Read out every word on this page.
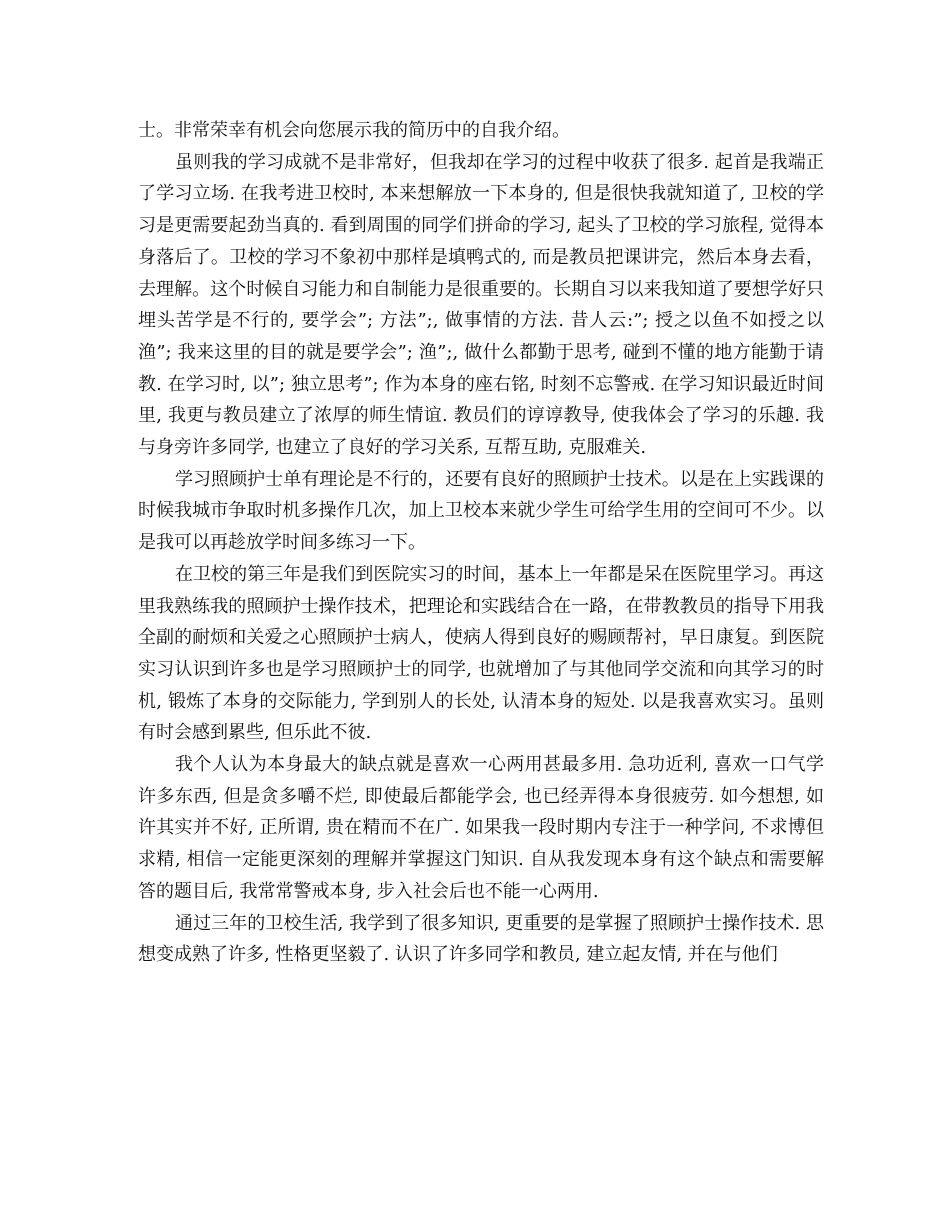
士。非常荣幸有机会向您展示我的简历中的自我介绍。

虽则我的学习成就不是非常好，但我却在学习的过程中收获了很多. 起首是我端正了学习立场. 在我考进卫校时, 本来想解放一下本身的, 但是很快我就知道了, 卫校的学习是更需要起劲当真的. 看到周围的同学们拼命的学习, 起头了卫校的学习旅程, 觉得本身落后了。卫校的学习不象初中那样是填鸭式的, 而是教员把课讲完，然后本身去看，去理解。这个时候自习能力和自制能力是很重要的。长期自习以来我知道了要想学好只埋头苦学是不行的, 要学会”; 方法”;, 做事情的方法. 昔人云:”; 授之以鱼不如授之以渔”; 我来这里的目的就是要学会”; 渔”;, 做什么都勤于思考, 碰到不懂的地方能勤于请教. 在学习时, 以”; 独立思考”; 作为本身的座右铭, 时刻不忘警戒. 在学习知识最近时间里, 我更与教员建立了浓厚的师生情谊. 教员们的谆谆教导, 使我体会了学习的乐趣. 我与身旁许多同学, 也建立了良好的学习关系, 互帮互助, 克服难关.

学习照顾护士单有理论是不行的，还要有良好的照顾护士技术。以是在上实践课的时候我城市争取时机多操作几次，加上卫校本来就少学生可给学生用的空间可不少。以是我可以再趁放学时间多练习一下。

在卫校的第三年是我们到医院实习的时间，基本上一年都是呆在医院里学习。再这里我熟练我的照顾护士操作技术，把理论和实践结合在一路，在带教教员的指导下用我全副的耐烦和关爱之心照顾护士病人，使病人得到良好的赐顾帮衬，早日康复。到医院实习认识到许多也是学习照顾护士的同学, 也就增加了与其他同学交流和向其学习的时机, 锻炼了本身的交际能力, 学到别人的长处, 认清本身的短处. 以是我喜欢实习。虽则有时会感到累些, 但乐此不彼.

我个人认为本身最大的缺点就是喜欢一心两用甚最多用. 急功近利, 喜欢一口气学许多东西, 但是贪多嚼不烂, 即使最后都能学会, 也已经弄得本身很疲劳. 如今想想, 如许其实并不好, 正所谓, 贵在精而不在广. 如果我一段时期内专注于一种学问, 不求博但求精, 相信一定能更深刻的理解并掌握这门知识. 自从我发现本身有这个缺点和需要解答的题目后, 我常常警戒本身, 步入社会后也不能一心两用.

通过三年的卫校生活, 我学到了很多知识, 更重要的是掌握了照顾护士操作技术. 思想变成熟了许多, 性格更坚毅了. 认识了许多同学和教员, 建立起友情, 并在与他们
